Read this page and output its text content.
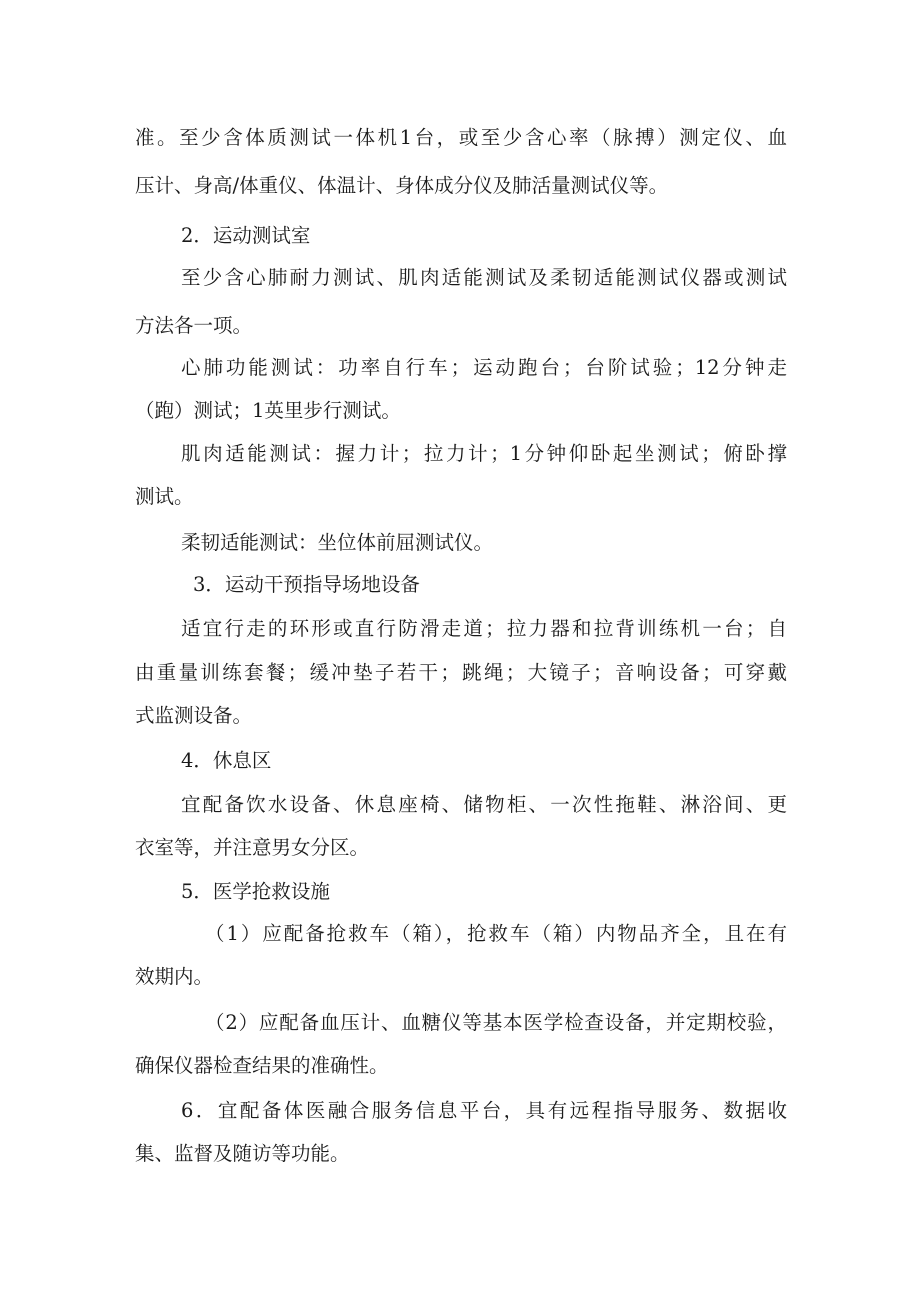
准。至少含体质测试一体机1台，或至少含心率（脉搏）测定仪、血

压计、身高/体重仪、体温计、身体成分仪及肺活量测试仪等。

2．运动测试室

至少含心肺耐力测试、肌肉适能测试及柔韧适能测试仪器或测试

方法各一项。

心肺功能测试：功率自行车；运动跑台；台阶试验；12分钟走

（跑）测试；1英里步行测试。

肌肉适能测试：握力计；拉力计；1分钟仰卧起坐测试；俯卧撑

测试。

柔韧适能测试：坐位体前屈测试仪。

3．运动干预指导场地设备

适宜行走的环形或直行防滑走道；拉力器和拉背训练机一台；自

由重量训练套餐；缓冲垫子若干；跳绳；大镜子；音响设备；可穿戴

式监测设备。

4．休息区

宜配备饮水设备、休息座椅、储物柜、一次性拖鞋、淋浴间、更

衣室等，并注意男女分区。

5．医学抢救设施

（1）应配备抢救车（箱），抢救车（箱）内物品齐全，且在有

效期内。

（2）应配备血压计、血糖仪等基本医学检查设备，并定期校验，

确保仪器检查结果的准确性。

6．宜配备体医融合服务信息平台，具有远程指导服务、数据收

集、监督及随访等功能。
